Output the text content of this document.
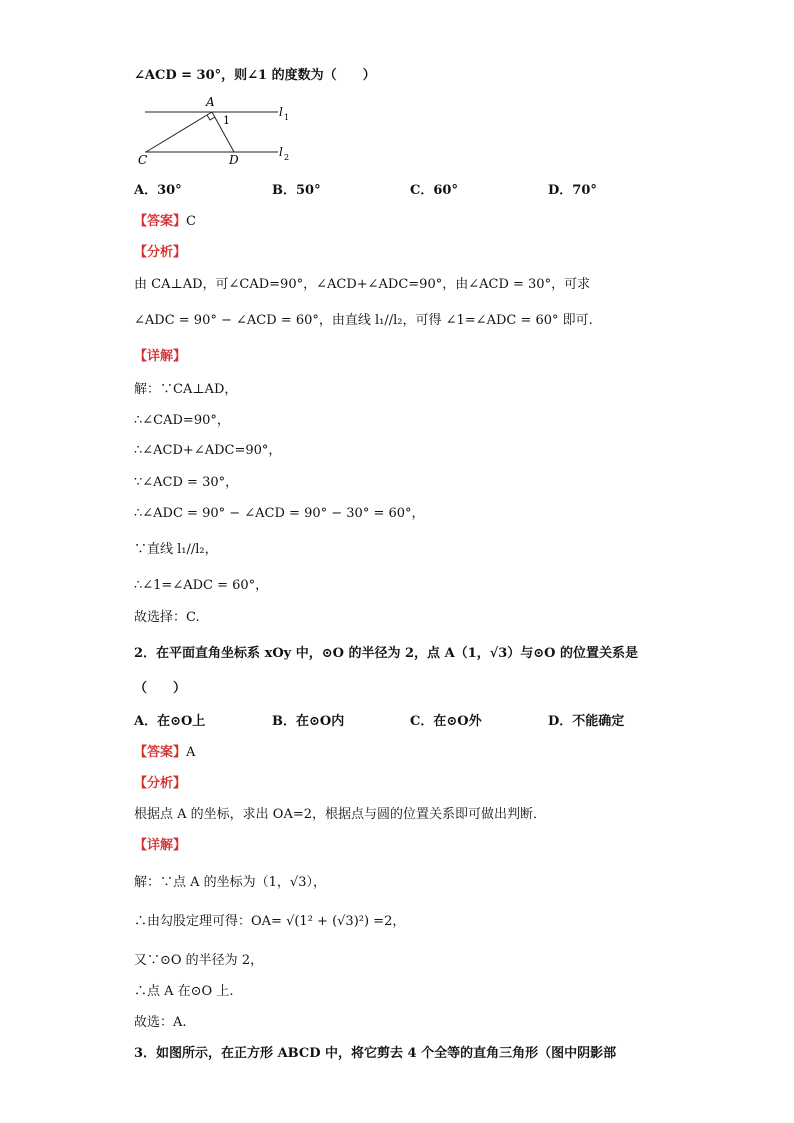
∠ACD = 30°，则∠1 的度数为（　　）
A
1
C	D
l 1
l 2
A．30°	B．50°	C．60°	D．70°
【答案】C
【分析】
由 CA⊥AD，可∠CAD=90°，∠ACD+∠ADC=90°，由∠ACD = 30°，可求
∠ADC = 90° − ∠ACD = 60°，由直线 l₁//l₂，可得 ∠1=∠ADC = 60° 即可.
【详解】
解：∵CA⊥AD，
∴∠CAD=90°，
∴∠ACD+∠ADC=90°，
∵∠ACD = 30°，
∴∠ADC = 90° − ∠ACD = 90° − 30° = 60°，
∵直线 l₁//l₂，
∴∠1=∠ADC = 60°，
故选择：C.
2．在平面直角坐标系 xOy 中，⊙O 的半径为 2，点 A（1，√3）与⊙O 的位置关系是
（　　）
A．在⊙O上	B．在⊙O内	C．在⊙O外	D．不能确定
【答案】A
【分析】
根据点 A 的坐标，求出 OA=2，根据点与圆的位置关系即可做出判断．
【详解】
解：∵点 A 的坐标为（1，√3），
∴由勾股定理可得：OA= √(1² + (√3)²) =2，
又∵⊙O 的半径为 2，
∴点 A 在⊙O 上.
故选：A.
3．如图所示，在正方形 ABCD 中，将它剪去 4 个全等的直角三角形（图中阴影部
